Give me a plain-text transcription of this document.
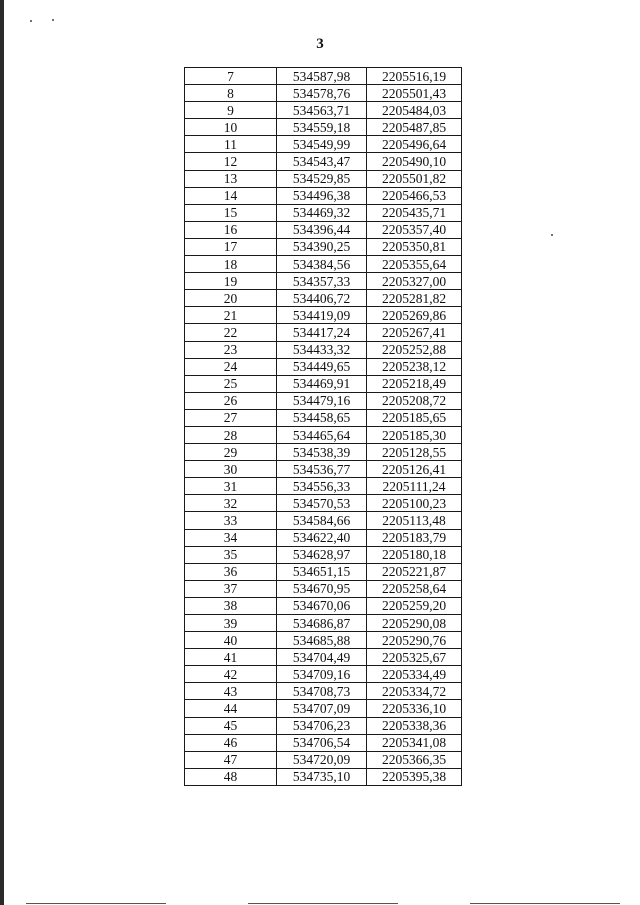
3
7	534587,98	2205516,19
8	534578,76	2205501,43
9	534563,71	2205484,03
10	534559,18	2205487,85
11	534549,99	2205496,64
12	534543,47	2205490,10
13	534529,85	2205501,82
14	534496,38	2205466,53
15	534469,32	2205435,71
16	534396,44	2205357,40
17	534390,25	2205350,81
18	534384,56	2205355,64
19	534357,33	2205327,00
20	534406,72	2205281,82
21	534419,09	2205269,86
22	534417,24	2205267,41
23	534433,32	2205252,88
24	534449,65	2205238,12
25	534469,91	2205218,49
26	534479,16	2205208,72
27	534458,65	2205185,65
28	534465,64	2205185,30
29	534538,39	2205128,55
30	534536,77	2205126,41
31	534556,33	2205111,24
32	534570,53	2205100,23
33	534584,66	2205113,48
34	534622,40	2205183,79
35	534628,97	2205180,18
36	534651,15	2205221,87
37	534670,95	2205258,64
38	534670,06	2205259,20
39	534686,87	2205290,08
40	534685,88	2205290,76
41	534704,49	2205325,67
42	534709,16	2205334,49
43	534708,73	2205334,72
44	534707,09	2205336,10
45	534706,23	2205338,36
46	534706,54	2205341,08
47	534720,09	2205366,35
48	534735,10	2205395,38
